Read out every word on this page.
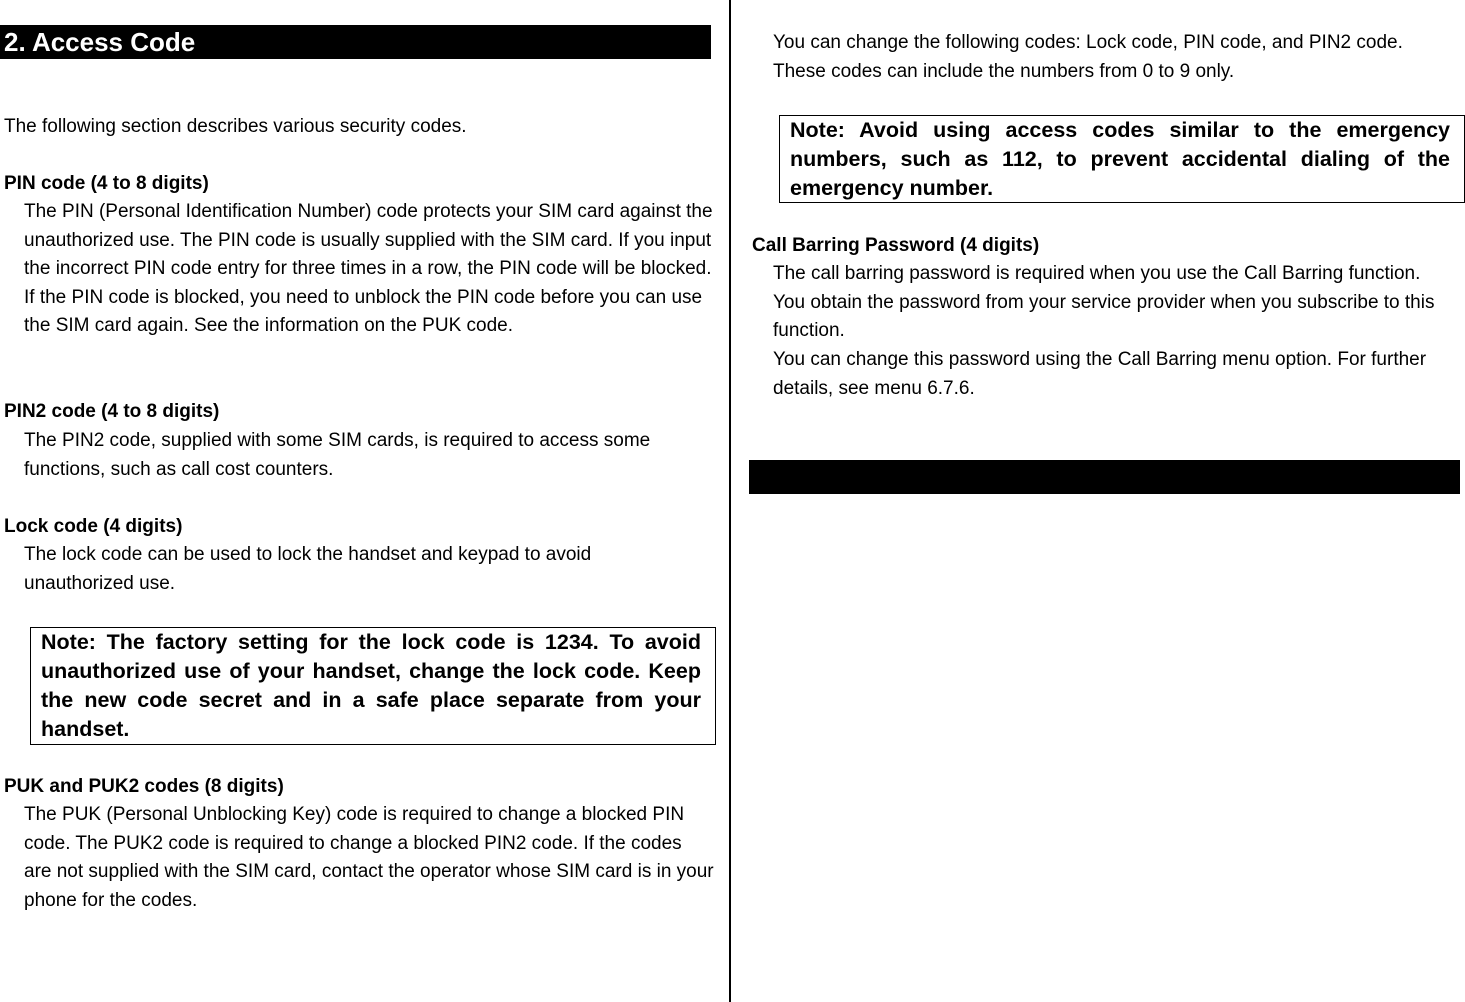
2. Access Code

The following section describes various security codes.

PIN code (4 to 8 digits)

The PIN (Personal Identification Number) code protects your SIM card against the unauthorized use. The PIN code is usually supplied with the SIM card. If you input the incorrect PIN code entry for three times in a row, the PIN code will be blocked. If the PIN code is blocked, you need to unblock the PIN code before you can use the SIM card again. See the information on the PUK code.

PIN2 code (4 to 8 digits)

The PIN2 code, supplied with some SIM cards, is required to access some functions, such as call cost counters.

Lock code (4 digits)

The lock code can be used to lock the handset and keypad to avoid unauthorized use.

Note: The factory setting for the lock code is 1234. To avoid unauthorized use of your handset, change the lock code. Keep the new code secret and in a safe place separate from your handset.

PUK and PUK2 codes (8 digits)

The PUK (Personal Unblocking Key) code is required to change a blocked PIN code. The PUK2 code is required to change a blocked PIN2 code. If the codes are not supplied with the SIM card, contact the operator whose SIM card is in your phone for the codes.

You can change the following codes: Lock code, PIN code, and PIN2 code. These codes can include the numbers from 0 to 9 only.

Note: Avoid using access codes similar to the emergency numbers, such as 112, to prevent accidental dialing of the emergency number.

Call Barring Password (4 digits)

The call barring password is required when you use the Call Barring function. You obtain the password from your service provider when you subscribe to this function.

You can change this password using the Call Barring menu option. For further details, see menu 6.7.6.
